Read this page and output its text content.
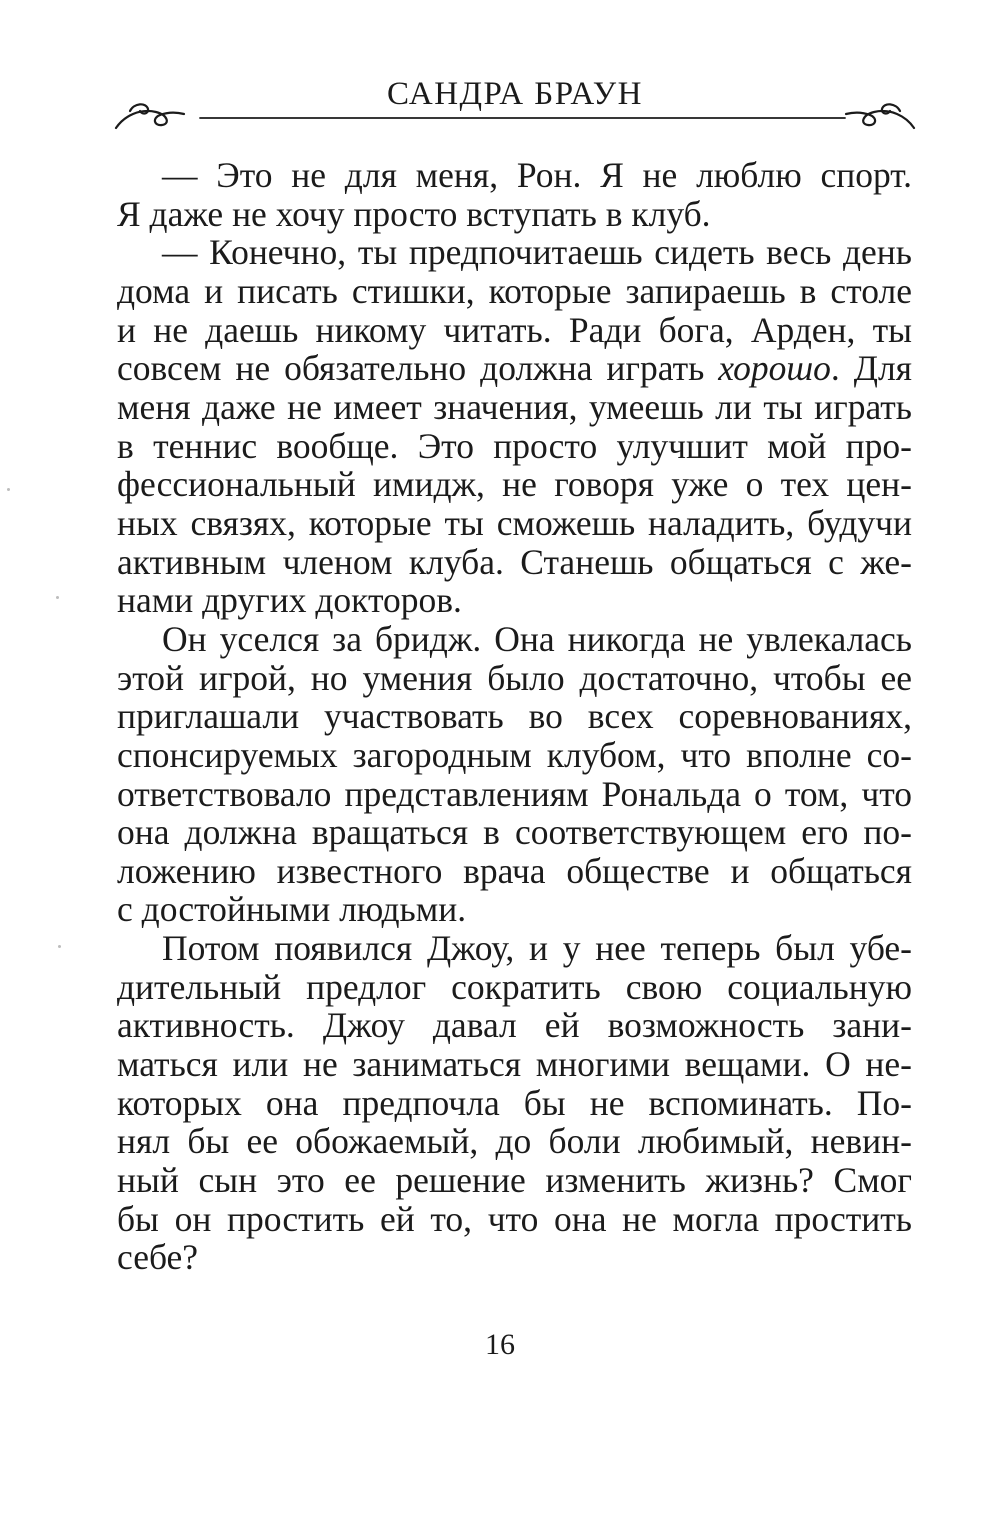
САНДРА БРАУН

— Это не для меня, Рон. Я не люблю спорт.
Я даже не хочу просто вступать в клуб.

— Конечно, ты предпочитаешь сидеть весь день
дома и писать стишки, которые запираешь в столе
и не даешь никому читать. Ради бога, Арден, ты
совсем не обязательно должна играть хорошо. Для
меня даже не имеет значения, умеешь ли ты играть
в теннис вообще. Это просто улучшит мой про-
фессиональный имидж, не говоря уже о тех цен-
ных связях, которые ты сможешь наладить, будучи
активным членом клуба. Станешь общаться с же-
нами других докторов.

Он уселся за бридж. Она никогда не увлекалась
этой игрой, но умения было достаточно, чтобы ее
приглашали участвовать во всех соревнованиях,
спонсируемых загородным клубом, что вполне со-
ответствовало представлениям Рональда о том, что
она должна вращаться в соответствующем его по-
ложению известного врача обществе и общаться
с достойными людьми.

Потом появился Джоу, и у нее теперь был убе-
дительный предлог сократить свою социальную
активность. Джоу давал ей возможность зани-
маться или не заниматься многими вещами. О не-
которых она предпочла бы не вспоминать. По-
нял бы ее обожаемый, до боли любимый, невин-
ный сын это ее решение изменить жизнь? Смог
бы он простить ей то, что она не могла простить
себе?

16
